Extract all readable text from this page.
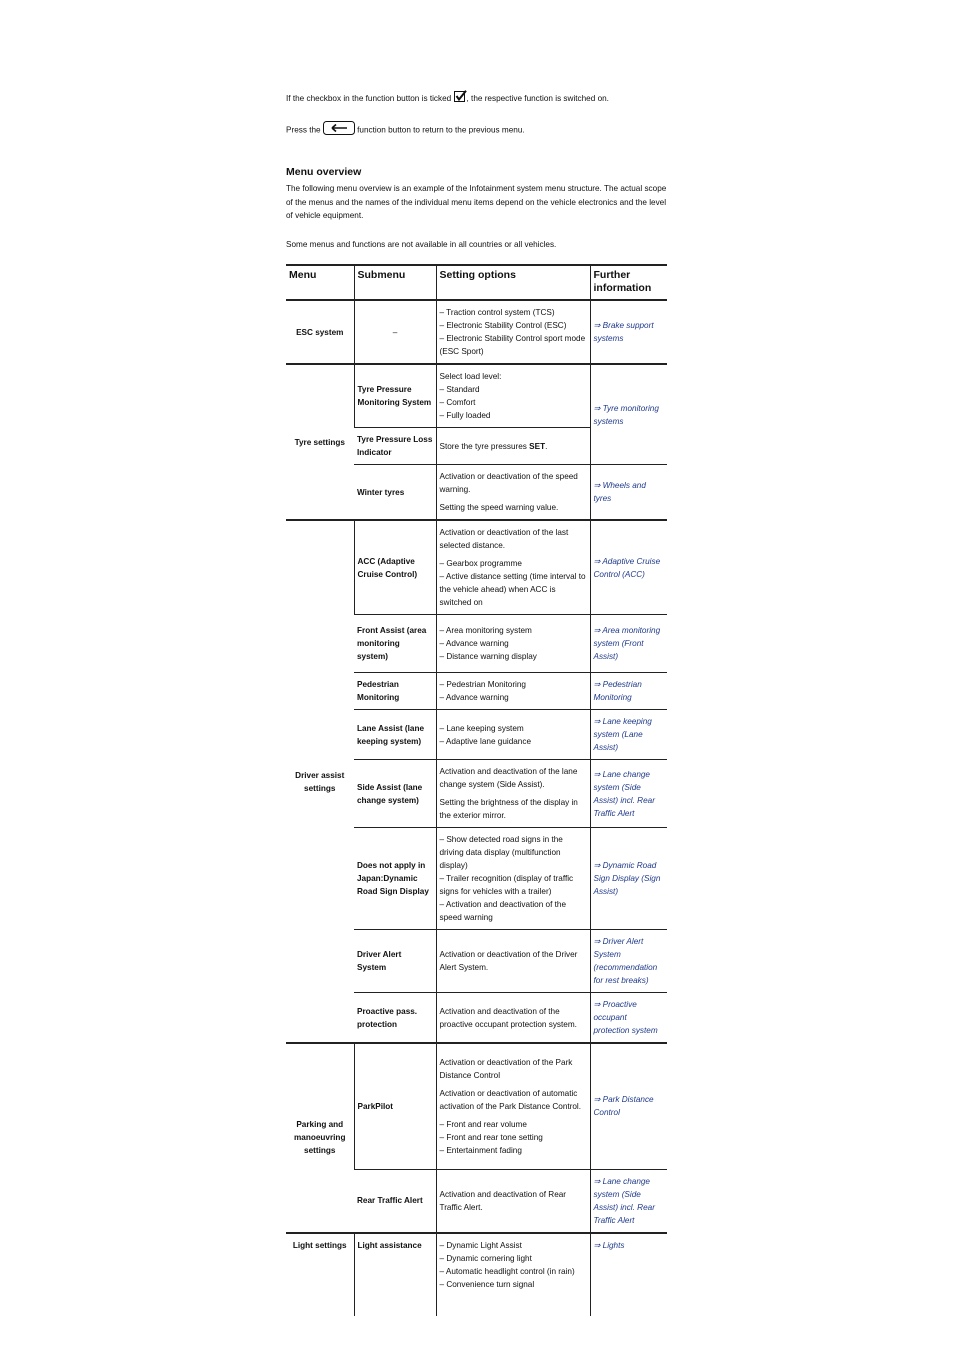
If the checkbox in the function button is ticked , the respective function is switched on.

Press the	function button to return to the previous menu.

Menu overview

The following menu overview is an example of the Infotainment system menu structure. The actual scope of the menus and the names of the individual menu items depend on the vehicle electronics and the level of vehicle equipment.

Some menus and functions are not available in all countries or all vehicles.

Menu	Submenu	Setting options	Further information
ESC system	–	– Traction control system (TCS)
– Electronic Stability Control (ESC)
– Electronic Stability Control sport mode (ESC Sport)	⇒ Brake support systems
Tyre settings	Tyre Pressure Monitoring System	Select load level:
– Standard
– Comfort
– Fully loaded	⇒ Tyre monitoring systems
	Tyre Pressure Loss Indicator	Store the tyre pressures SET.	
	Winter tyres	Activation or deactivation of the speed warning.
Setting the speed warning value.	⇒ Wheels and tyres
Driver assist settings	ACC (Adaptive Cruise Control)	Activation or deactivation of the last selected distance.
– Gearbox programme
– Active distance setting (time interval to the vehicle ahead) when ACC is switched on	⇒ Adaptive Cruise Control (ACC)
	Front Assist (area monitoring system)	– Area monitoring system
– Advance warning
– Distance warning display	⇒ Area monitoring system (Front Assist)
	Pedestrian Monitoring	– Pedestrian Monitoring
– Advance warning	⇒ Pedestrian Monitoring
	Lane Assist (lane keeping system)	– Lane keeping system
– Adaptive lane guidance	⇒ Lane keeping system (Lane Assist)
	Side Assist (lane change system)	Activation and deactivation of the lane change system (Side Assist).
Setting the brightness of the display in the exterior mirror.	⇒ Lane change system (Side Assist) incl. Rear Traffic Alert
	Does not apply in Japan:Dynamic Road Sign Display	– Show detected road signs in the driving data display (multifunction display)
– Trailer recognition (display of traffic signs for vehicles with a trailer)
– Activation and deactivation of the speed warning	⇒ Dynamic Road Sign Display (Sign Assist)
	Driver Alert System	Activation or deactivation of the Driver Alert System.	⇒ Driver Alert System (recommendation for rest breaks)
	Proactive pass. protection	Activation and deactivation of the proactive occupant protection system.	⇒ Proactive occupant protection system
Parking and manoeuvring settings	ParkPilot	Activation or deactivation of the Park Distance Control
Activation or deactivation of automatic activation of the Park Distance Control.
– Front and rear volume
– Front and rear tone setting
– Entertainment fading	⇒ Park Distance Control
	Rear Traffic Alert	Activation and deactivation of Rear Traffic Alert.	⇒ Lane change system (Side Assist) incl. Rear Traffic Alert
Light settings	Light assistance	– Dynamic Light Assist
– Dynamic cornering light
– Automatic headlight control (in rain)
– Convenience turn signal	⇒ Lights
